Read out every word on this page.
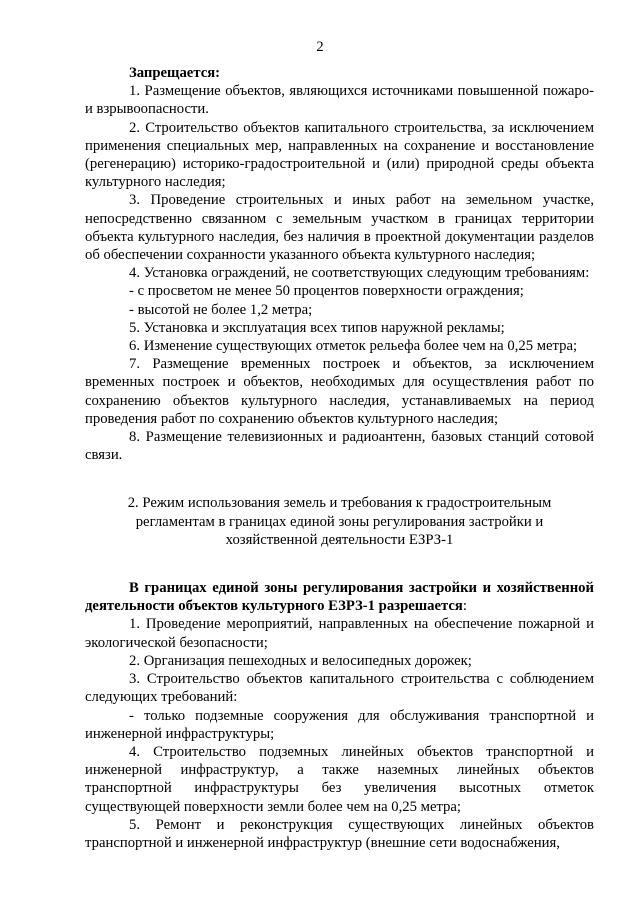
2

Запрещается:

1. Размещение объектов, являющихся источниками повышенной пожаро- и взрывоопасности.

2. Строительство объектов капитального строительства, за исключением применения специальных мер, направленных на сохранение и восстановление (регенерацию) историко-градостроительной и (или) природной среды объекта культурного наследия;

3. Проведение строительных и иных работ на земельном участке, непосредственно связанном с земельным участком в границах территории объекта культурного наследия, без наличия в проектной документации разделов об обеспечении сохранности указанного объекта культурного наследия;

4. Установка ограждений, не соответствующих следующим требованиям:

- с просветом не менее 50 процентов поверхности ограждения;

- высотой не более 1,2 метра;

5. Установка и эксплуатация всех типов наружной рекламы;

6. Изменение существующих отметок рельефа более чем на 0,25 метра;

7. Размещение временных построек и объектов, за исключением временных построек и объектов, необходимых для осуществления работ по сохранению объектов культурного наследия, устанавливаемых на период проведения работ по сохранению объектов культурного наследия;

8. Размещение телевизионных и радиоантенн, базовых станций сотовой связи.

2. Режим использования земель и требования к градостроительным регламентам в границах единой зоны регулирования застройки и хозяйственной деятельности ЕЗРЗ-1

В границах единой зоны регулирования застройки и хозяйственной деятельности объектов культурного ЕЗРЗ-1 разрешается:

1. Проведение мероприятий, направленных на обеспечение пожарной и экологической безопасности;

2. Организация пешеходных и велосипедных дорожек;

3. Строительство объектов капитального строительства с соблюдением следующих требований:

- только подземные сооружения для обслуживания транспортной и инженерной инфраструктуры;

4. Строительство подземных линейных объектов транспортной и инженерной инфраструктур, а также наземных линейных объектов транспортной инфраструктуры без увеличения высотных отметок существующей поверхности земли более чем на 0,25 метра;

5. Ремонт и реконструкция существующих линейных объектов транспортной и инженерной инфраструктур (внешние сети водоснабжения,
